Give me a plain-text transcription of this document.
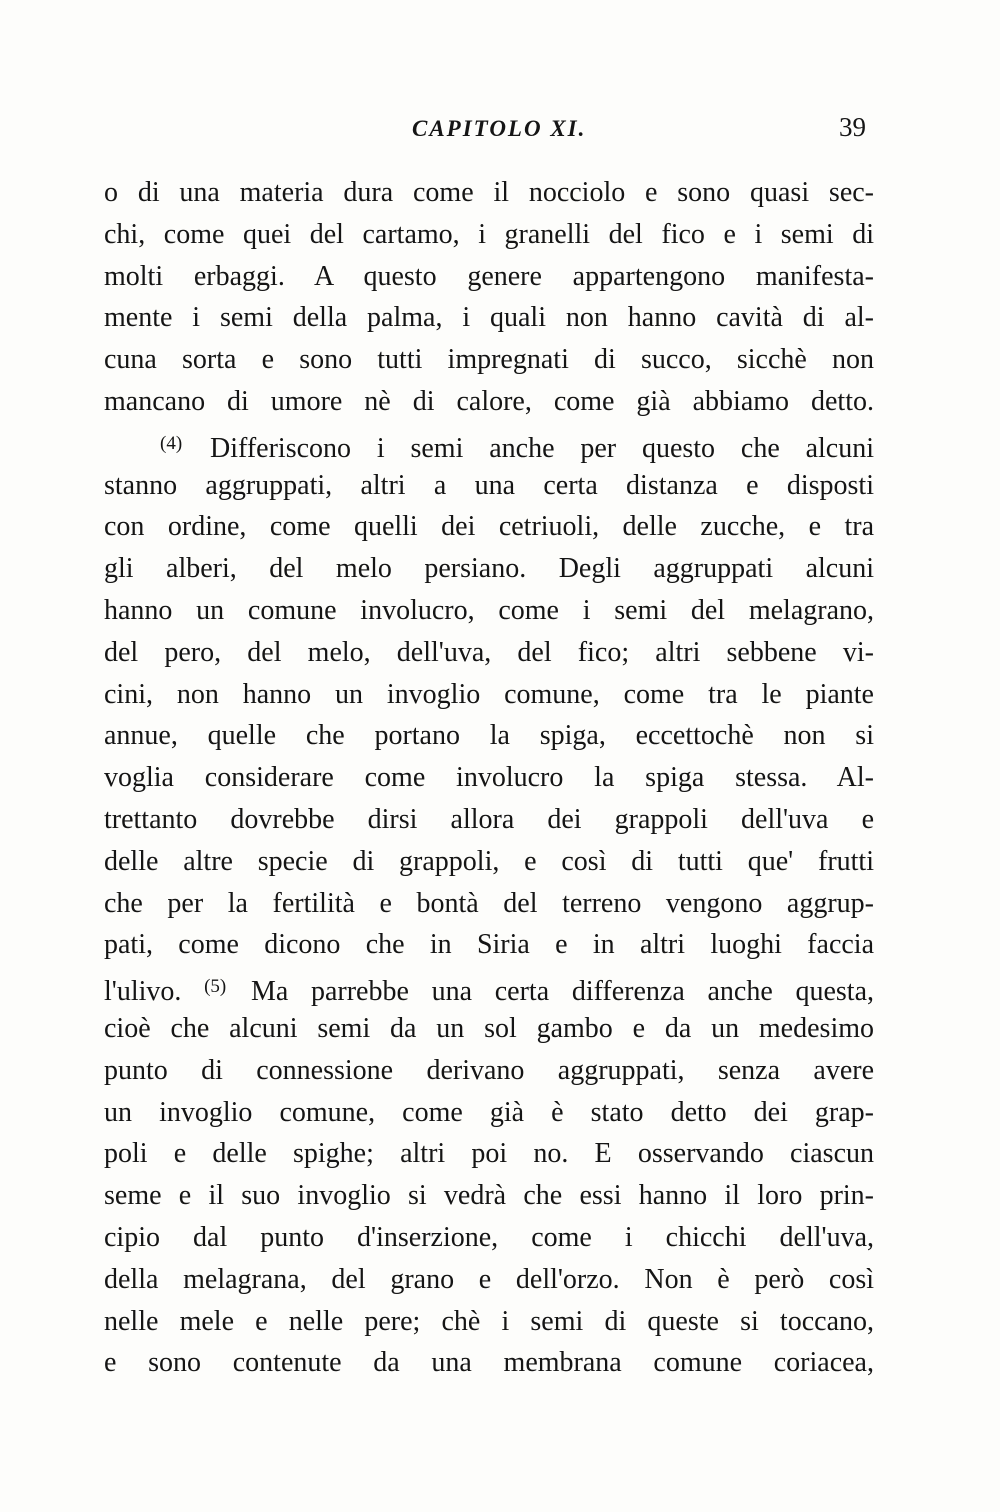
CAPITOLO XI.	39
o di una materia dura come il nocciolo e sono quasi sec-
chi, come quei del cartamo, i granelli del fico e i semi di
molti erbaggi. A questo genere appartengono manifesta-
mente i semi della palma, i quali non hanno cavità di al-
cuna sorta e sono tutti impregnati di succo, sicchè non
mancano di umore nè di calore, come già abbiamo detto.
$^{(4)}$ Differiscono i semi anche per questo che alcuni
stanno aggruppati, altri a una certa distanza e disposti
con ordine, come quelli dei cetriuoli, delle zucche, e tra
gli alberi, del melo persiano. Degli aggruppati alcuni
hanno un comune involucro, come i semi del melagrano,
del pero, del melo, dell'uva, del fico; altri sebbene vi-
cini, non hanno un invoglio comune, come tra le piante
annue, quelle che portano la spiga, eccettochè non si
voglia considerare come involucro la spiga stessa. Al-
trettanto dovrebbe dirsi allora dei grappoli dell'uva e
delle altre specie di grappoli, e così di tutti que' frutti
che per la fertilità e bontà del terreno vengono aggrup-
pati, come dicono che in Siria e in altri luoghi faccia
l'ulivo. $^{(5)}$ Ma parrebbe una certa differenza anche questa,
cioè che alcuni semi da un sol gambo e da un medesimo
punto di connessione derivano aggruppati, senza avere
un invoglio comune, come già è stato detto dei grap-
poli e delle spighe; altri poi no. E osservando ciascun
seme e il suo invoglio si vedrà che essi hanno il loro prin-
cipio dal punto d'inserzione, come i chicchi dell'uva,
della melagrana, del grano e dell'orzo. Non è però così
nelle mele e nelle pere; chè i semi di queste si toccano,
e sono contenute da una membrana comune coriacea,
